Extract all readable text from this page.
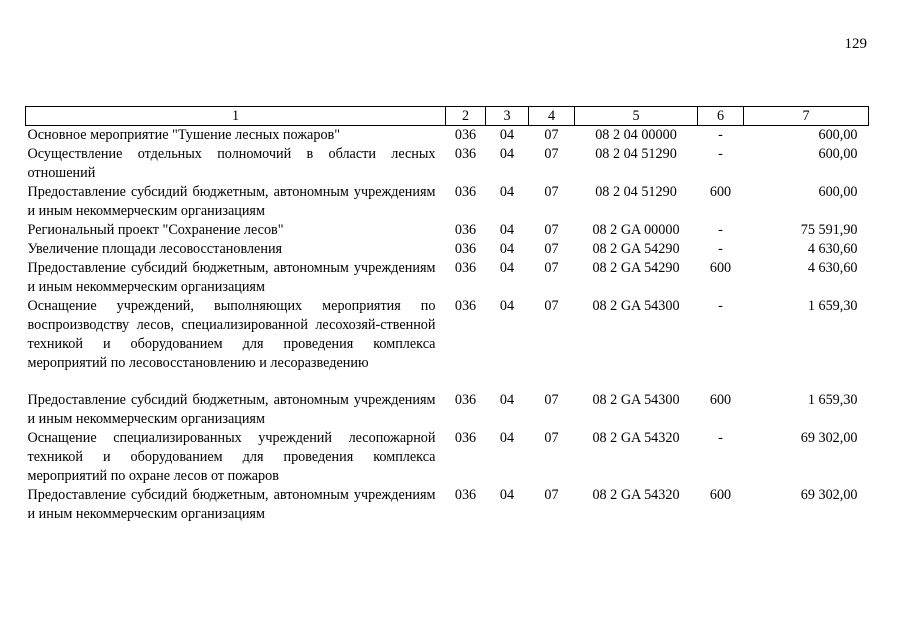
129
1	2	3	4	5	6	7
Основное мероприятие "Тушение лесных пожаров"	036	04	07	08 2 04 00000	-	600,00
Осуществление отдельных полномочий в области лесных отношений	036	04	07	08 2 04 51290	-	600,00
Предоставление субсидий бюджетным, автономным учреждениям и иным некоммерческим организациям	036	04	07	08 2 04 51290	600	600,00
Региональный проект "Сохранение лесов"	036	04	07	08 2 GA 00000	-	75 591,90
Увеличение площади лесовосстановления	036	04	07	08 2 GA 54290	-	4 630,60
Предоставление субсидий бюджетным, автономным учреждениям и иным некоммерческим организациям	036	04	07	08 2 GA 54290	600	4 630,60
Оснащение учреждений, выполняющих мероприятия по воспроизводству лесов, специализированной лесохозяй-ственной техникой и оборудованием для проведения комплекса мероприятий по лесовосстановлению и лесоразведению	036	04	07	08 2 GA 54300	-	1 659,30

Предоставление субсидий бюджетным, автономным учреждениям и иным некоммерческим организациям	036	04	07	08 2 GA 54300	600	1 659,30
Оснащение специализированных учреждений лесопожарной техникой и оборудованием для проведения комплекса мероприятий по охране лесов от пожаров	036	04	07	08 2 GA 54320	-	69 302,00
Предоставление субсидий бюджетным, автономным учреждениям и иным некоммерческим организациям	036	04	07	08 2 GA 54320	600	69 302,00
